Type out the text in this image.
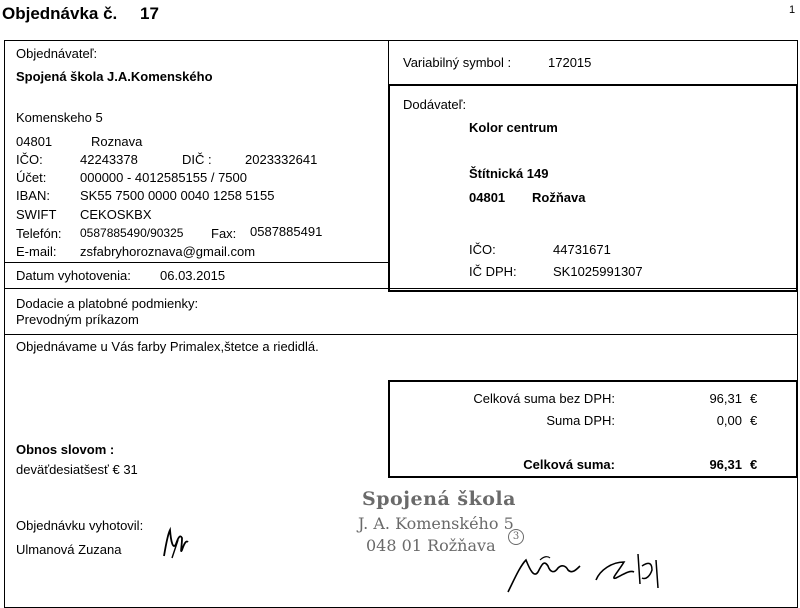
Objednávka č. 17	1
Objednávateľ:
Spojená škola J.A.Komenského
Komenskeho 5
04801	Roznava
IČO:	42243378	DIČ :	2023332641
Účet:	000000 - 4012585155 / 7500
IBAN: SK55 7500 0000 0040 1258 5155
SWIFT CEKOSKBX
Telefón: 0587885490/90325 Fax: 0587885491
E-mail: zsfabryhoroznava@gmail.com
Datum vyhotovenia: 06.03.2015
Variabilný symbol :	172015
Dodávateľ:
Kolor centrum
Štítnická 149
04801 Rožňava
IČO:	44731671
IČ DPH:	SK1025991307
Dodacie a platobné podmienky:
Prevodným príkazom
Objednávame u Vás farby Primalex,štetce a riedidlá.
Celková suma bez DPH:	96,31 €
Suma DPH:	0,00 €
Celková suma:	96,31 €
Obnos slovom :
deväťdesiatšesť € 31
Objednávku vyhotovil:
Ulmanová Zuzana
Spojená škola
J. A. Komenského 5
048 01 Rožňava	3
